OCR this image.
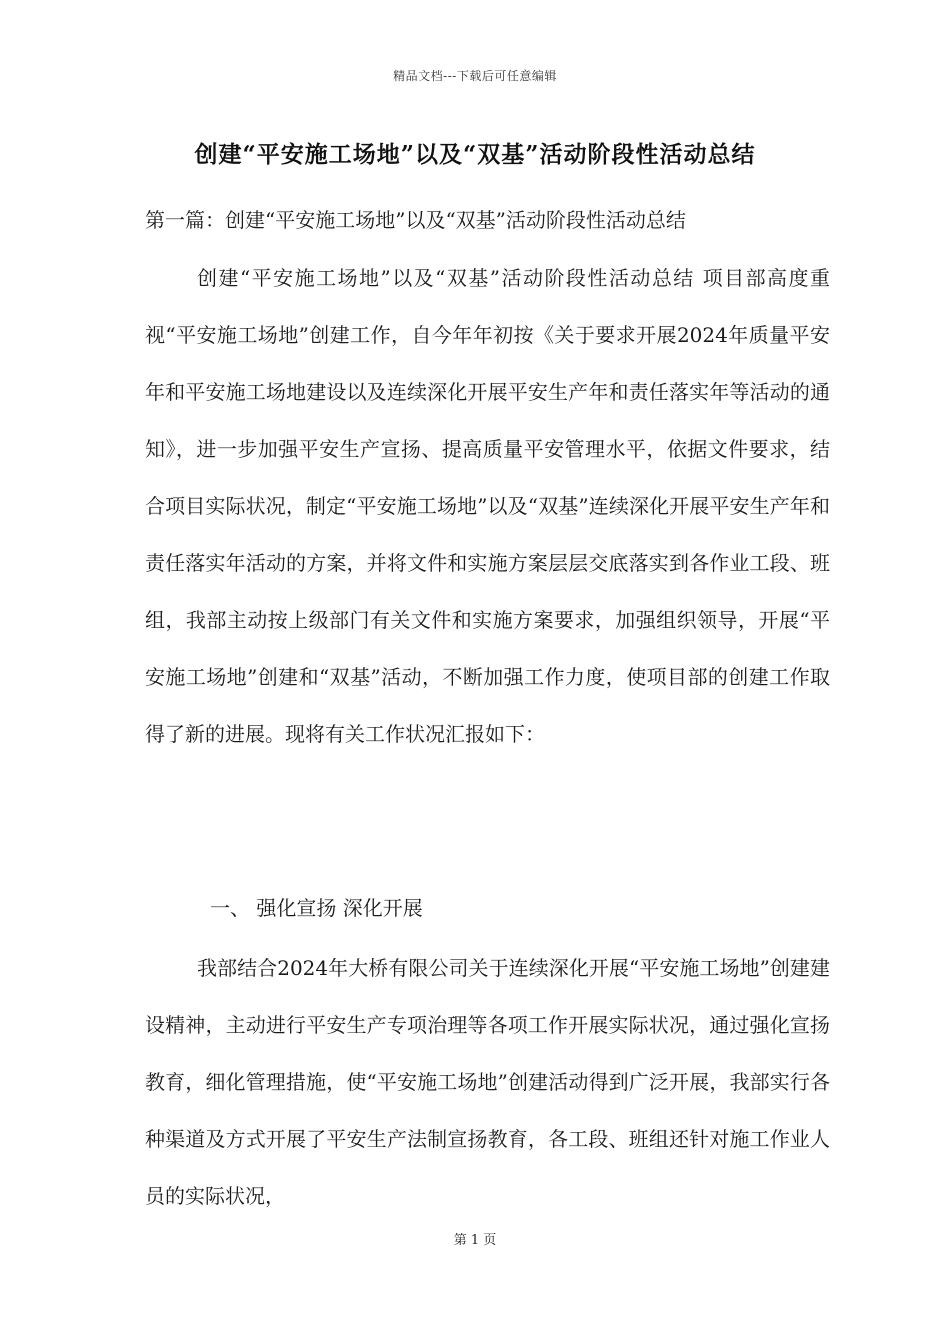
精品文档---下载后可任意编辑
创建“平安施工场地”以及“双基”活动阶段性活动总结
第一篇：创建“平安施工场地”以及“双基”活动阶段性活动总结
创建“平安施工场地”以及“双基”活动阶段性活动总结 项目部高度重视“平安施工场地”创建工作，自今年年初按《关于要求开展2024年质量平安年和平安施工场地建设以及连续深化开展平安生产年和责任落实年等活动的通知》，进一步加强平安生产宣扬、提高质量平安管理水平，依据文件要求，结合项目实际状况，制定“平安施工场地”以及“双基”连续深化开展平安生产年和责任落实年活动的方案，并将文件和实施方案层层交底落实到各作业工段、班组，我部主动按上级部门有关文件和实施方案要求，加强组织领导，开展“平安施工场地”创建和“双基”活动，不断加强工作力度，使项目部的创建工作取得了新的进展。现将有关工作状况汇报如下：
一、 强化宣扬 深化开展
我部结合2024年大桥有限公司关于连续深化开展“平安施工场地”创建建设精神，主动进行平安生产专项治理等各项工作开展实际状况，通过强化宣扬教育，细化管理措施，使“平安施工场地”创建活动得到广泛开展，我部实行各种渠道及方式开展了平安生产法制宣扬教育，各工段、班组还针对施工作业人员的实际状况，
第 1 页
